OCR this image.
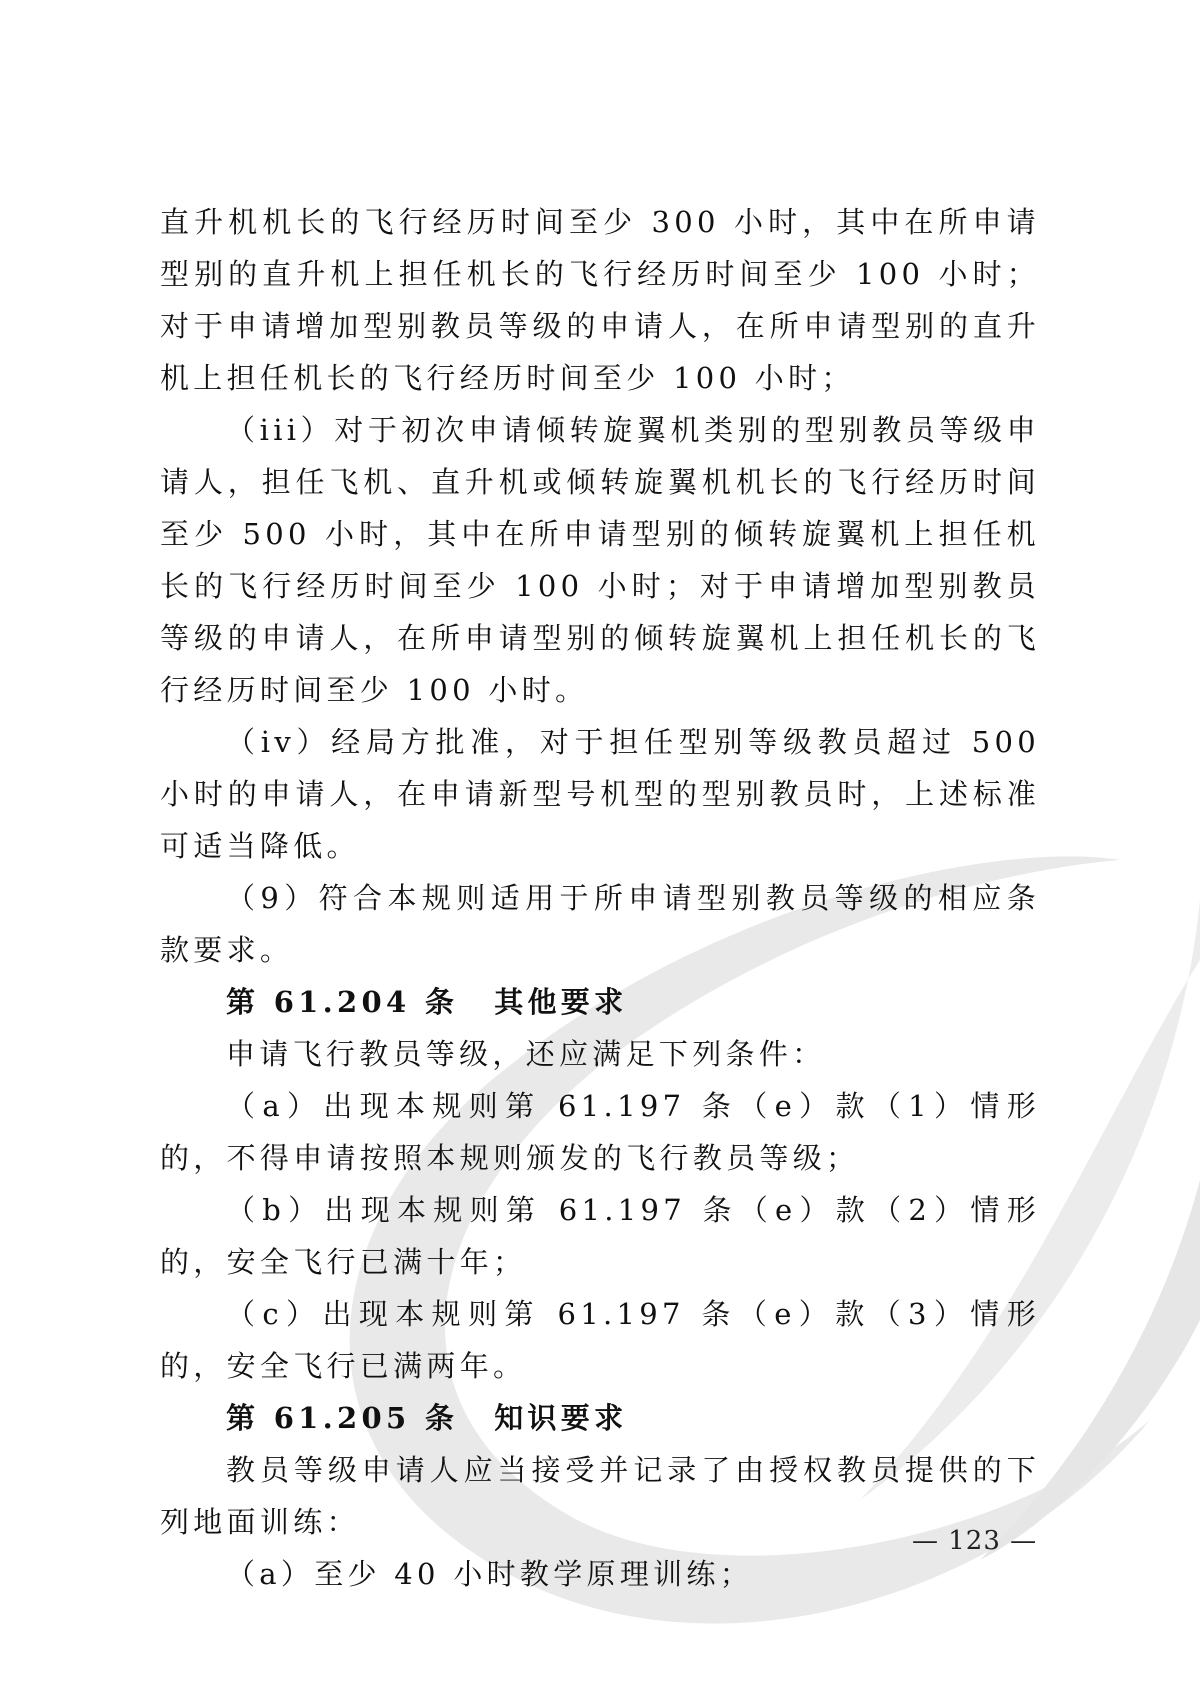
直升机机长的飞行经历时间至少 300 小时，其中在所申请型别的直升机上担任机长的飞行经历时间至少 100 小时；对于申请增加型别教员等级的申请人，在所申请型别的直升机上担任机长的飞行经历时间至少 100 小时；

（iii）对于初次申请倾转旋翼机类别的型别教员等级申请人，担任飞机、直升机或倾转旋翼机机长的飞行经历时间至少 500 小时，其中在所申请型别的倾转旋翼机上担任机长的飞行经历时间至少 100 小时；对于申请增加型别教员等级的申请人，在所申请型别的倾转旋翼机上担任机长的飞行经历时间至少 100 小时。

（iv）经局方批准，对于担任型别等级教员超过 500 小时的申请人，在申请新型号机型的型别教员时，上述标准可适当降低。

（9）符合本规则适用于所申请型别教员等级的相应条款要求。

第 61.204 条 其他要求

申请飞行教员等级，还应满足下列条件：

（a）出现本规则第 61.197 条（e）款（1）情形的，不得申请按照本规则颁发的飞行教员等级；

（b）出现本规则第 61.197 条（e）款（2）情形的，安全飞行已满十年；

（c）出现本规则第 61.197 条（e）款（3）情形的，安全飞行已满两年。

第 61.205 条 知识要求

教员等级申请人应当接受并记录了由授权教员提供的下列地面训练：

（a）至少 40 小时教学原理训练；

— 123 —
